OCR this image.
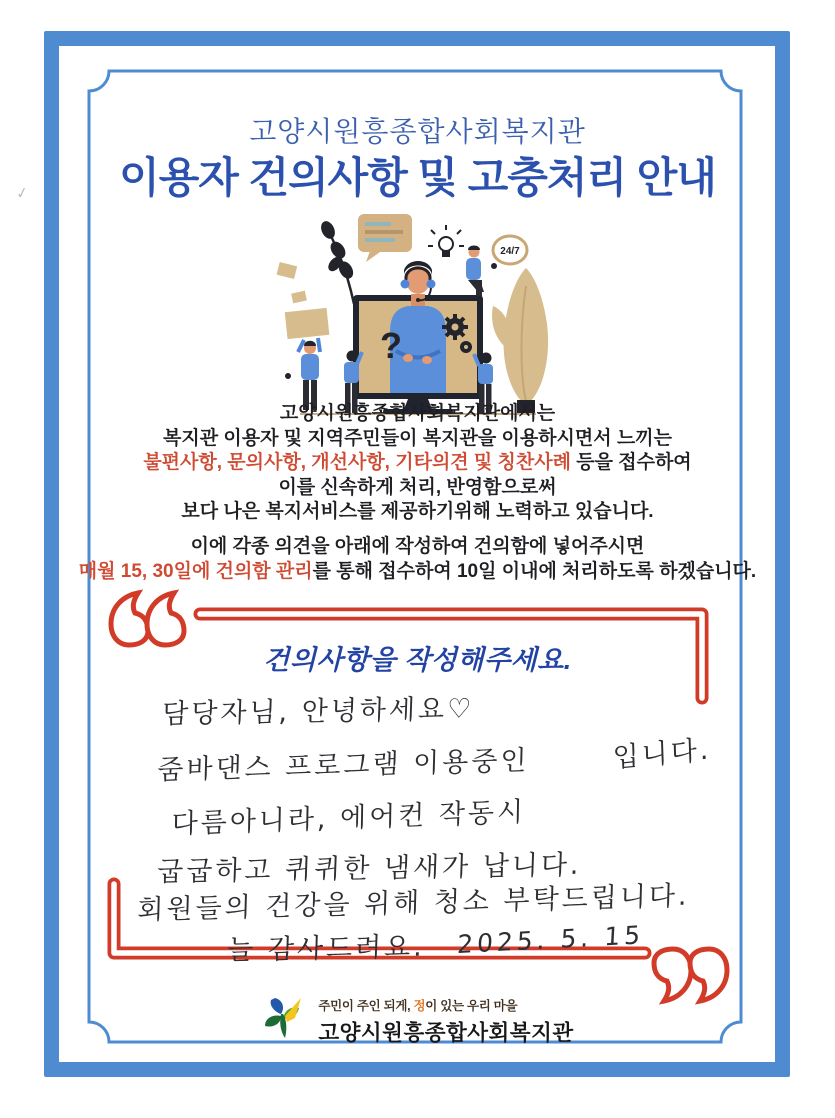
✓
고양시원흥종합사회복지관
이용자 건의사항 및 고충처리 안내
24/7
?
고양시원흥종합사회복지관에서는
복지관 이용자 및 지역주민들이 복지관을 이용하시면서 느끼는
불편사항, 문의사항, 개선사항, 기타의견 및 칭찬사례 등을 접수하여
이를 신속하게 처리, 반영함으로써
보다 나은 복지서비스를 제공하기위해 노력하고 있습니다.
이에 각종 의견을 아래에 작성하여 건의함에 넣어주시면
매월 15, 30일에 건의함 관리를 통해 접수하여 10일 이내에 처리하도록 하겠습니다.
건의사항을 작성해주세요.
담당자님, 안녕하세요♡
줌바댄스 프로그램 이용중인	입니다.
다름아니라, 에어컨 작동시
굽굽하고 퀴퀴한 냄새가 납니다.
회원들의 건강을 위해 청소 부탁드립니다.
늘 감사드려요. 2025. 5. 15
주민이 주인 되게, 정이 있는 우리 마을
고양시원흥종합사회복지관
